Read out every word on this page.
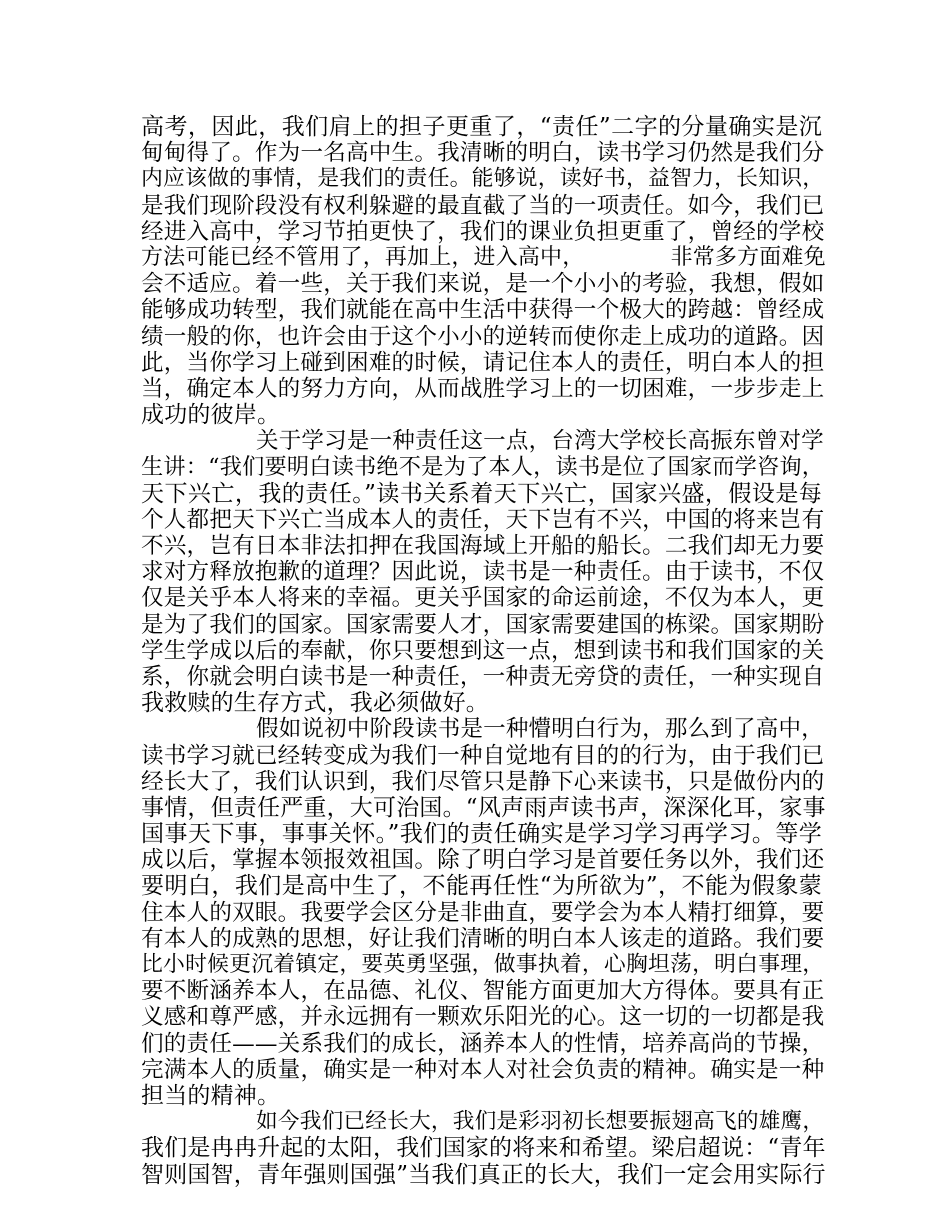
高考，因此，我们肩上的担子更重了，“责任”二字的分量确实是沉
甸甸得了。作为一名高中生。我清晰的明白，读书学习仍然是我们分
内应该做的事情，是我们的责任。能够说，读好书，益智力，长知识，
是我们现阶段没有权利躲避的最直截了当的一项责任。如今，我们已
经进入高中，学习节拍更快了，我们的课业负担更重了，曾经的学校
方法可能已经不管用了，再加上，进入高中，            非常多方面难免
会不适应。着一些，关于我们来说，是一个小小的考验，我想，假如
能够成功转型，我们就能在高中生活中获得一个极大的跨越：曾经成
绩一般的你，也许会由于这个小小的逆转而使你走上成功的道路。因
此，当你学习上碰到困难的时候，请记住本人的责任，明白本人的担
当，确定本人的努力方向，从而战胜学习上的一切困难，一步步走上
成功的彼岸。
关于学习是一种责任这一点，台湾大学校长高振东曾对学
生讲：“我们要明白读书绝不是为了本人，读书是位了国家而学咨询，
天下兴亡，我的责任。”读书关系着天下兴亡，国家兴盛，假设是每
个人都把天下兴亡当成本人的责任，天下岂有不兴，中国的将来岂有
不兴，岂有日本非法扣押在我国海域上开船的船长。二我们却无力要
求对方释放抱歉的道理？因此说，读书是一种责任。由于读书，不仅
仅是关乎本人将来的幸福。更关乎国家的命运前途，不仅为本人，更
是为了我们的国家。国家需要人才，国家需要建国的栋梁。国家期盼
学生学成以后的奉献，你只要想到这一点，想到读书和我们国家的关
系，你就会明白读书是一种责任，一种责无旁贷的责任，一种实现自
我救赎的生存方式，我必须做好。
假如说初中阶段读书是一种懵明白行为，那么到了高中，
读书学习就已经转变成为我们一种自觉地有目的的行为，由于我们已
经长大了，我们认识到，我们尽管只是静下心来读书，只是做份内的
事情，但责任严重，大可治国。“风声雨声读书声，深深化耳，家事
国事天下事，事事关怀。”我们的责任确实是学习学习再学习。等学
成以后，掌握本领报效祖国。除了明白学习是首要任务以外，我们还
要明白，我们是高中生了，不能再任性“为所欲为”，不能为假象蒙
住本人的双眼。我要学会区分是非曲直，要学会为本人精打细算，要
有本人的成熟的思想，好让我们清晰的明白本人该走的道路。我们要
比小时候更沉着镇定，要英勇坚强，做事执着，心胸坦荡，明白事理，
要不断涵养本人，在品德、礼仪、智能方面更加大方得体。要具有正
义感和尊严感，并永远拥有一颗欢乐阳光的心。这一切的一切都是我
们的责任——关系我们的成长，涵养本人的性情，培养高尚的节操，
完满本人的质量，确实是一种对本人对社会负责的精神。确实是一种
担当的精神。
如今我们已经长大，我们是彩羽初长想要振翅高飞的雄鹰，
我们是冉冉升起的太阳，我们国家的将来和希望。梁启超说：“青年
智则国智，青年强则国强”当我们真正的长大，我们一定会用实际行
